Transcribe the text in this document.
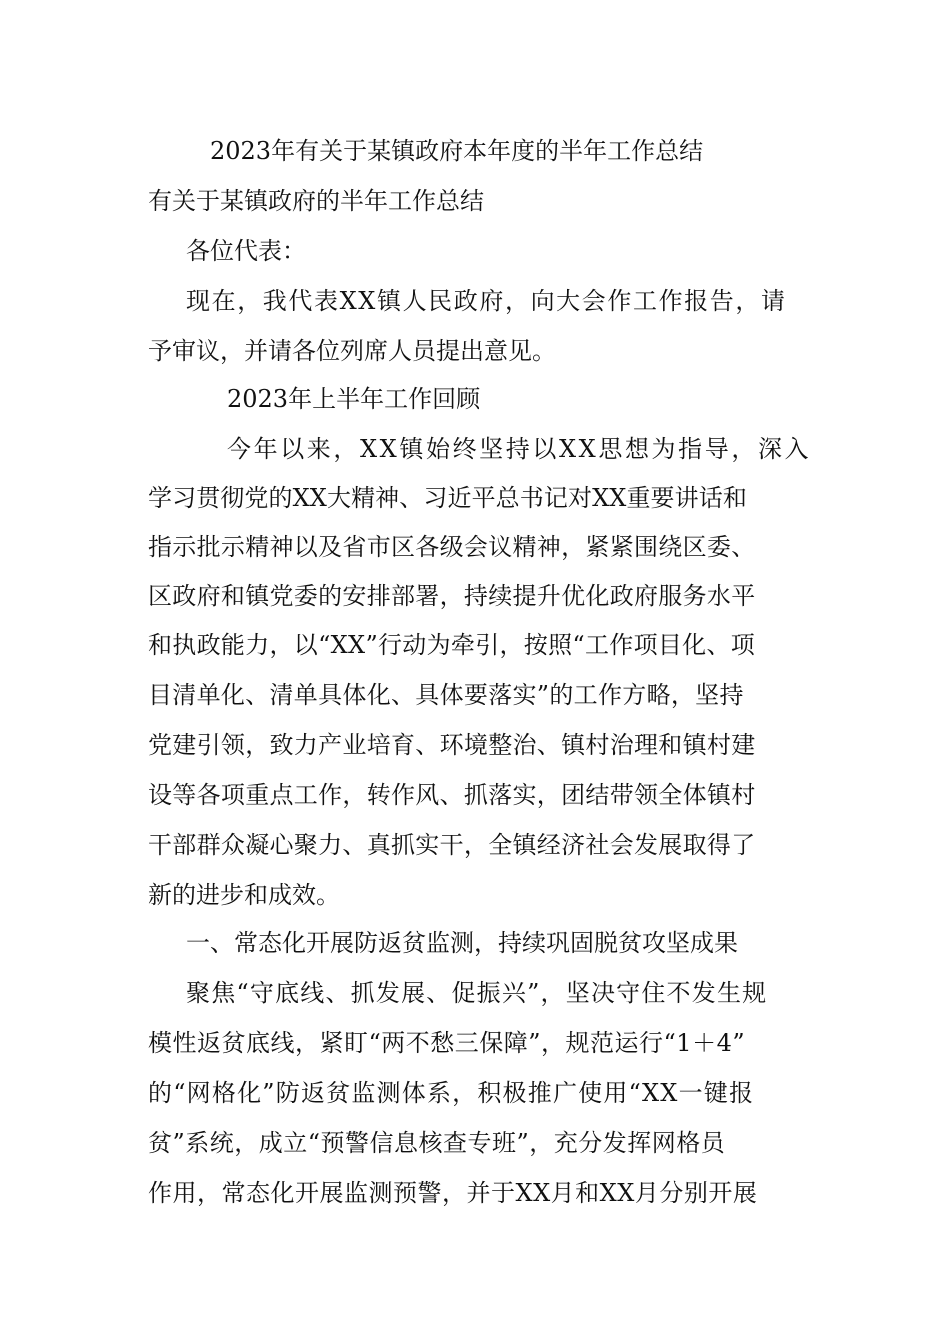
2023年有关于某镇政府本年度的半年工作总结
有关于某镇政府的半年工作总结
各位代表：
现在，我代表XX镇人民政府，向大会作工作报告，请
予审议，并请各位列席人员提出意见。
2023年上半年工作回顾
今年以来，XX镇始终坚持以XX思想为指导，深入
学习贯彻党的XX大精神、习近平总书记对XX重要讲话和
指示批示精神以及省市区各级会议精神，紧紧围绕区委、
区政府和镇党委的安排部署，持续提升优化政府服务水平
和执政能力，以“XX”行动为牵引，按照“工作项目化、项
目清单化、清单具体化、具体要落实”的工作方略，坚持
党建引领，致力产业培育、环境整治、镇村治理和镇村建
设等各项重点工作，转作风、抓落实，团结带领全体镇村
干部群众凝心聚力、真抓实干，全镇经济社会发展取得了
新的进步和成效。
一、常态化开展防返贫监测，持续巩固脱贫攻坚成果
聚焦“守底线、抓发展、促振兴”，坚决守住不发生规
模性返贫底线，紧盯“两不愁三保障”，规范运行“1＋4”
的“网格化”防返贫监测体系，积极推广使用“XX一键报
贫”系统，成立“预警信息核查专班”，充分发挥网格员
作用，常态化开展监测预警，并于XX月和XX月分别开展
